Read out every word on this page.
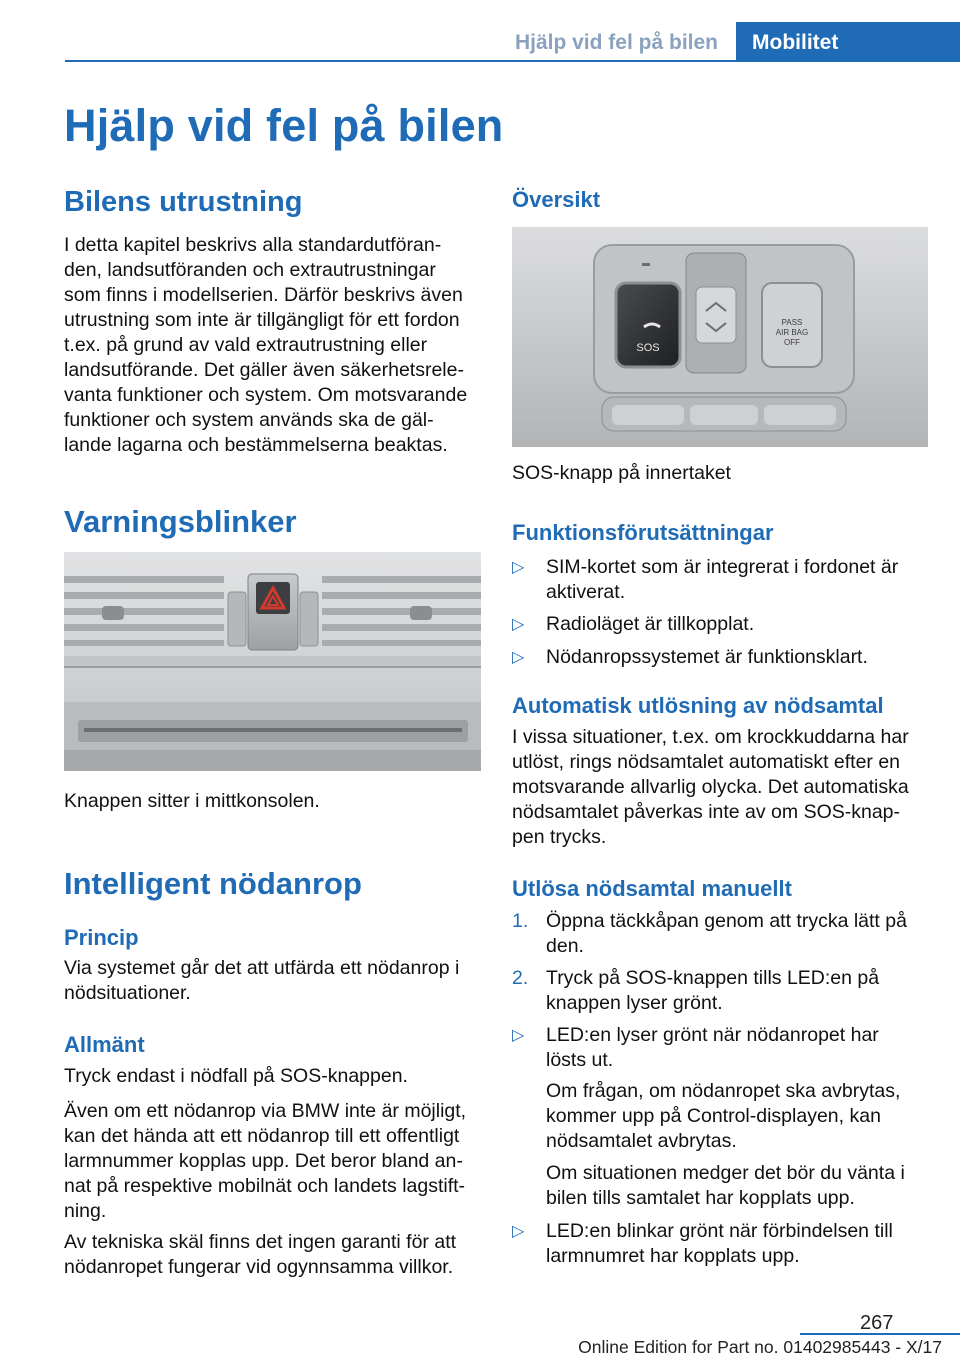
Hjälp vid fel på bilen	Mobilitet
Hjälp vid fel på bilen
Bilens utrustning
I detta kapitel beskrivs alla standardutföran-
den, landsutföranden och extrautrustningar
som finns i modellserien. Därför beskrivs även
utrustning som inte är tillgängligt för ett fordon
t.ex. på grund av vald extrautrustning eller
landsutförande. Det gäller även säkerhetsrele-
vanta funktioner och system. Om motsvarande
funktioner och system används ska de gäl-
lande lagarna och bestämmelserna beaktas.
Varningsblinker
Knappen sitter i mittkonsolen.
Intelligent nödanrop
Princip
Via systemet går det att utfärda ett nödanrop i
nödsituationer.
Allmänt
Tryck endast i nödfall på SOS-knappen.
Även om ett nödanrop via BMW inte är möjligt,
kan det hända att ett nödanrop till ett offentligt
larmnummer kopplas upp. Det beror bland an-
nat på respektive mobilnät och landets lagstift-
ning.
Av tekniska skäl finns det ingen garanti för att
nödanropet fungerar vid ogynnsamma villkor.
Översikt
SOS
PASS
AIR BAG
OFF
SOS-knapp på innertaket
Funktionsförutsättningar
▷ SIM-kortet som är integrerat i fordonet är
aktiverat.
▷ Radioläget är tillkopplat.
▷ Nödanropssystemet är funktionsklart.
Automatisk utlösning av nödsamtal
I vissa situationer, t.ex. om krockkuddarna har
utlöst, rings nödsamtalet automatiskt efter en
motsvarande allvarlig olycka. Det automatiska
nödsamtalet påverkas inte av om SOS-knap-
pen trycks.
Utlösa nödsamtal manuellt
1. Öppna täckkåpan genom att trycka lätt på
den.
2. Tryck på SOS-knappen tills LED:en på
knappen lyser grönt.
▷ LED:en lyser grönt när nödanropet har
lösts ut.
Om frågan, om nödanropet ska avbrytas,
kommer upp på Control-displayen, kan
nödsamtalet avbrytas.
Om situationen medger det bör du vänta i
bilen tills samtalet har kopplats upp.
▷ LED:en blinkar grönt när förbindelsen till
larmnumret har kopplats upp.
267
Online Edition for Part no. 01402985443 - X/17
